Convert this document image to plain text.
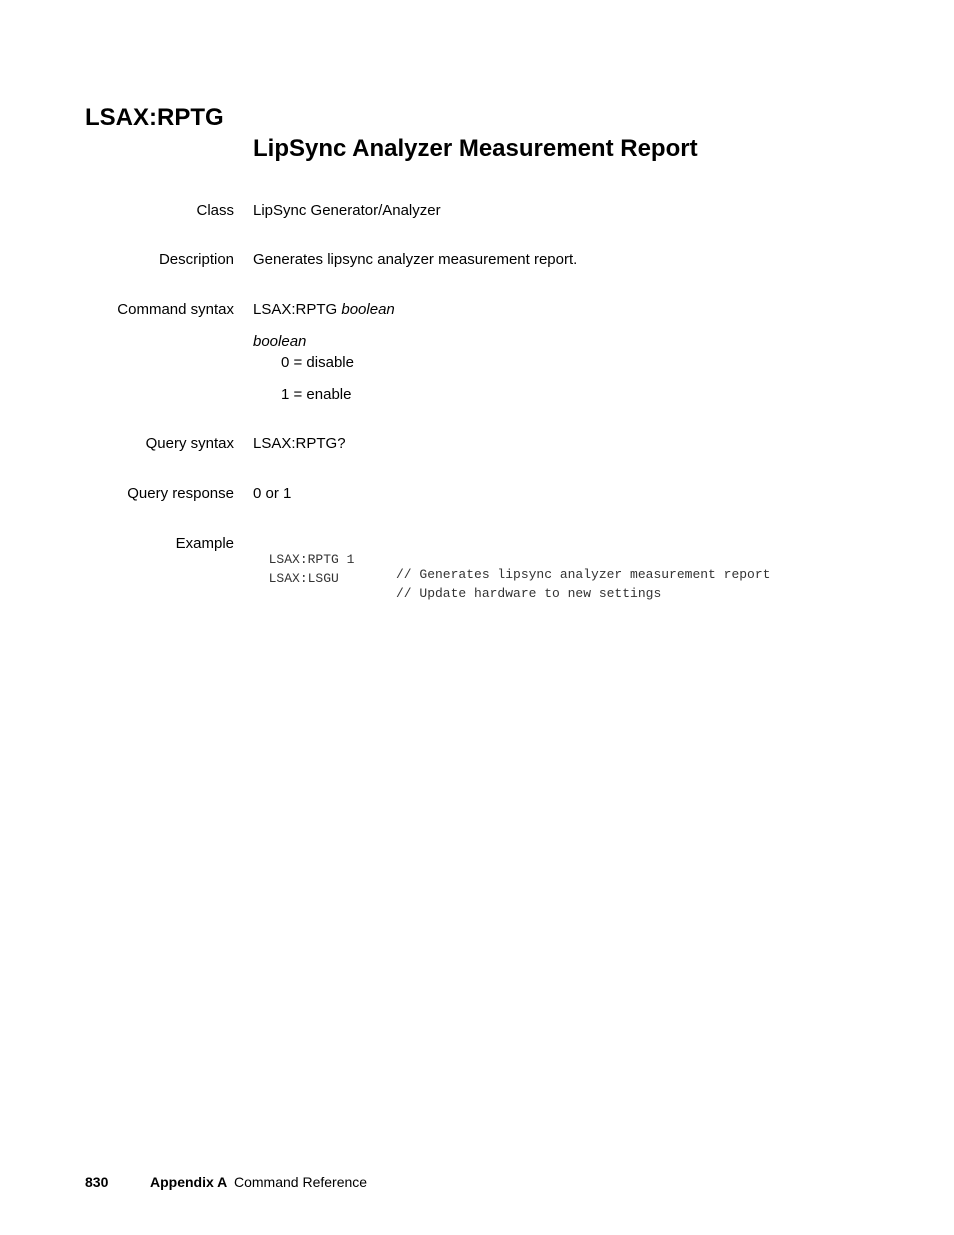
LSAX:RPTG
LipSync Analyzer Measurement Report
Class LipSync Generator/Analyzer
Description Generates lipsync analyzer measurement report.
Command syntax LSAX:RPTG boolean
boolean
0 = disable
1 = enable
Query syntax LSAX:RPTG?
Query response 0 or 1
Example

LSAX:RPTG 1

// Generates lipsync analyzer measurement report

LSAX:LSGU

// Update hardware to new settings

830	Appendix A Command Reference
